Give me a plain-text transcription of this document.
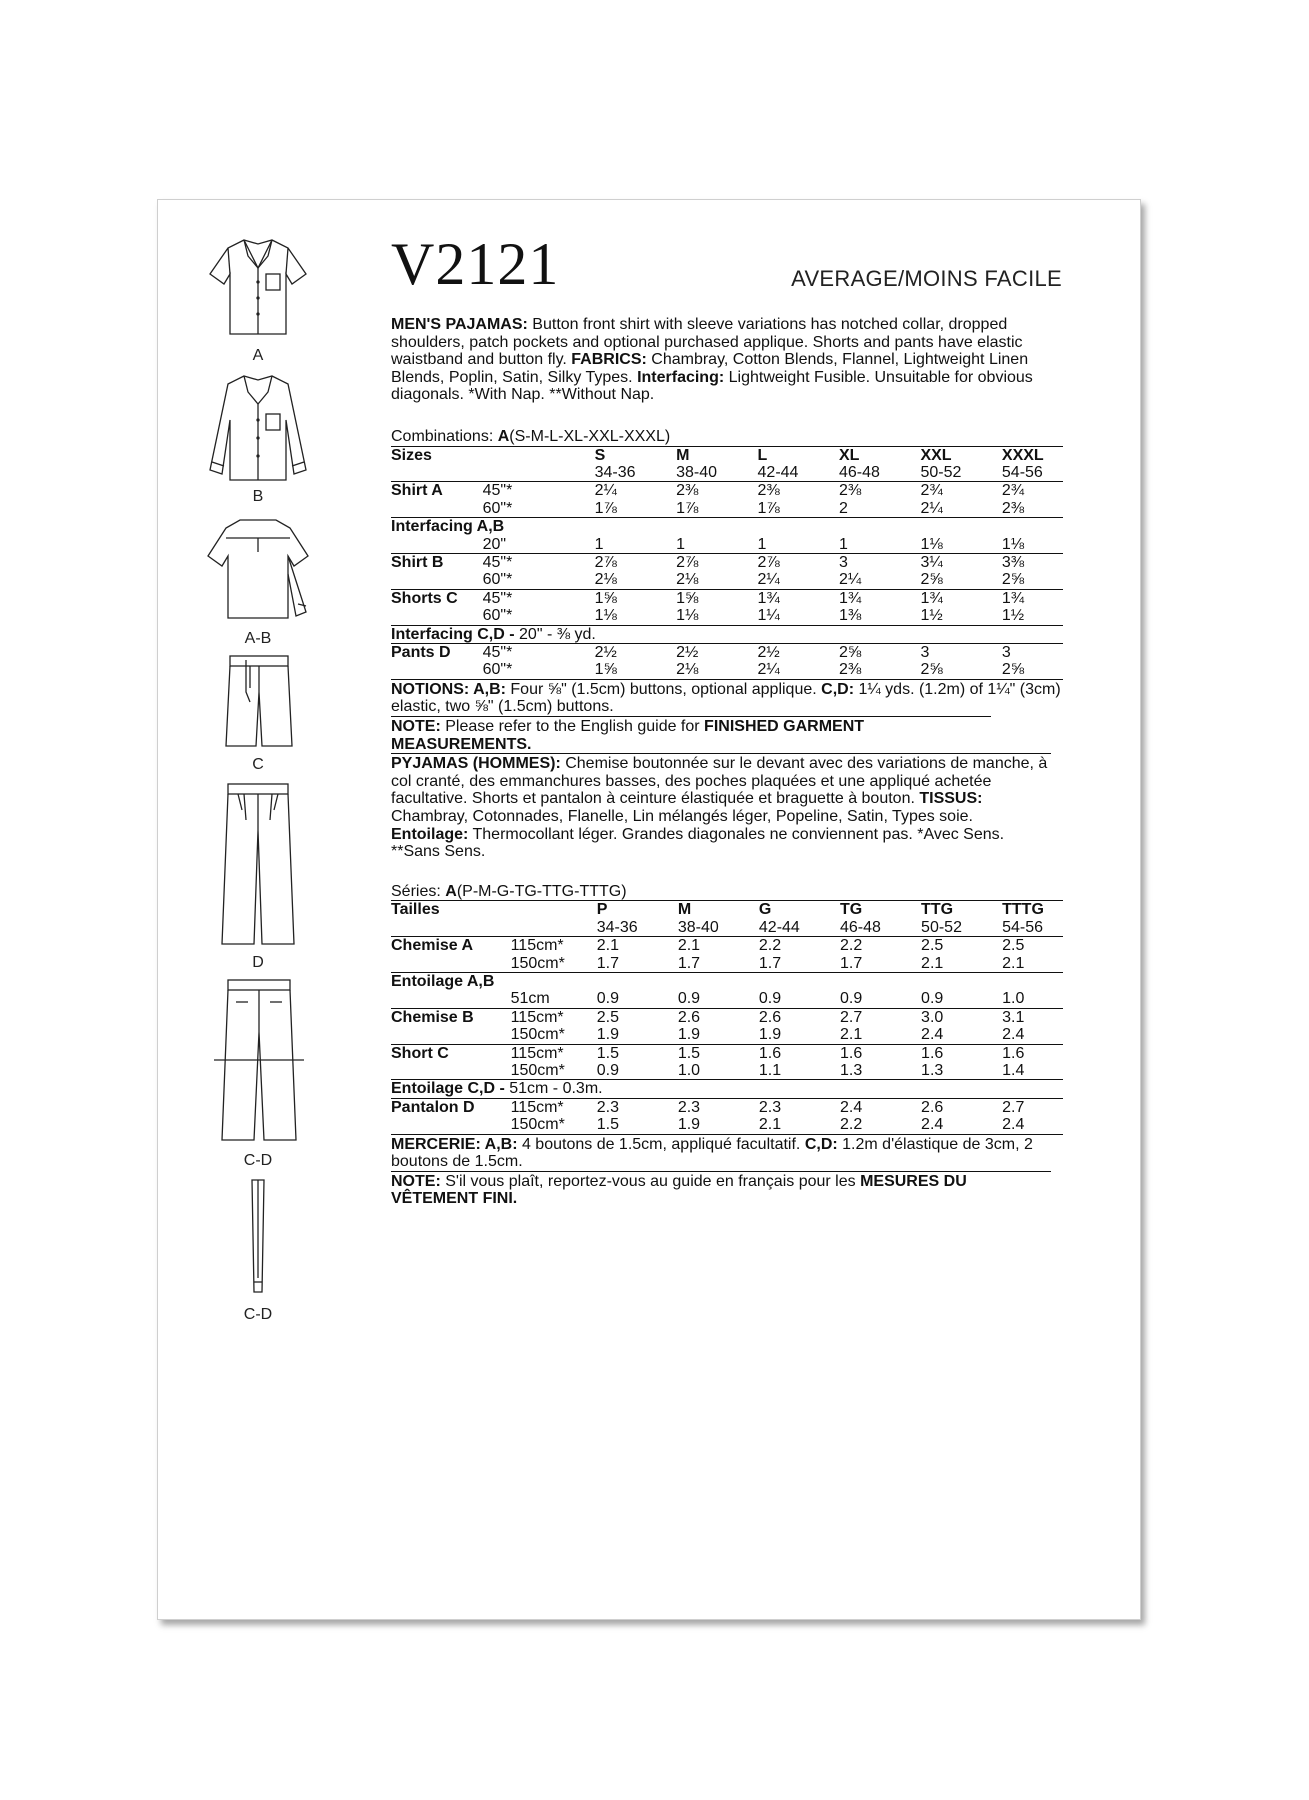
A
B
A-B
C
D
C-D
C-D
V2121	AVERAGE/MOINS FACILE

MEN'S PAJAMAS: Button front shirt with sleeve variations has notched collar, dropped shoulders, patch pockets and optional purchased applique. Shorts and pants have elastic waistband and button fly. FABRICS: Chambray, Cotton Blends, Flannel, Lightweight Linen Blends, Poplin, Satin, Silky Types. Interfacing: Lightweight Fusible. Unsuitable for obvious diagonals. *With Nap. **Without Nap.

Combinations: A(S-M-L-XL-XXL-XXXL)
Sizes		S	M	L	XL	XXL	XXXL
		34-36	38-40	42-44	46-48	50-52	54-56
Shirt A	45"*	2¼	2⅜	2⅜	2⅜	2¾	2¾
	60"*	1⅞	1⅞	1⅞	2	2¼	2⅜
Interfacing A,B							
	20"	1	1	1	1	1⅛	1⅛
Shirt B	45"*	2⅞	2⅞	2⅞	3	3¼	3⅜
	60"*	2⅛	2⅛	2¼	2¼	2⅝	2⅝
Shorts C	45"*	1⅝	1⅝	1¾	1¾	1¾	1¾
	60"*	1⅛	1⅛	1¼	1⅜	1½	1½
Interfacing C,D - 20" - ⅜ yd.							
Pants D	45"*	2½	2½	2½	2⅝	3	3
	60"*	1⅝	2⅛	2¼	2⅜	2⅝	2⅝

NOTIONS: A,B: Four ⅝" (1.5cm) buttons, optional applique. C,D: 1¼ yds. (1.2m) of 1¼" (3cm) elastic, two ⅝" (1.5cm) buttons.

NOTE: Please refer to the English guide for FINISHED GARMENT MEASUREMENTS.

PYJAMAS (HOMMES): Chemise boutonnée sur le devant avec des variations de manche, à col cranté, des emmanchures basses, des poches plaquées et une appliqué achetée facultative. Shorts et pantalon à ceinture élastiquée et braguette à bouton. TISSUS: Chambray, Cotonnades, Flanelle, Lin mélangés léger, Popeline, Satin, Types soie. Entoilage: Thermocollant léger. Grandes diagonales ne conviennent pas. *Avec Sens. **Sans Sens.

Séries: A(P-M-G-TG-TTG-TTTG)
Tailles		P	M	G	TG	TTG	TTTG
		34-36	38-40	42-44	46-48	50-52	54-56
Chemise A	115cm*	2.1	2.1	2.2	2.2	2.5	2.5
	150cm*	1.7	1.7	1.7	1.7	2.1	2.1
Entoilage A,B							
	51cm	0.9	0.9	0.9	0.9	0.9	1.0
Chemise B	115cm*	2.5	2.6	2.6	2.7	3.0	3.1
	150cm*	1.9	1.9	1.9	2.1	2.4	2.4
Short C	115cm*	1.5	1.5	1.6	1.6	1.6	1.6
	150cm*	0.9	1.0	1.1	1.3	1.3	1.4
Entoilage C,D - 51cm - 0.3m.							
Pantalon D	115cm*	2.3	2.3	2.3	2.4	2.6	2.7
	150cm*	1.5	1.9	2.1	2.2	2.4	2.4

MERCERIE: A,B: 4 boutons de 1.5cm, appliqué facultatif. C,D: 1.2m d'élastique de 3cm, 2 boutons de 1.5cm.

NOTE: S'il vous plaît, reportez-vous au guide en français pour les MESURES DU VÊTEMENT FINI.
